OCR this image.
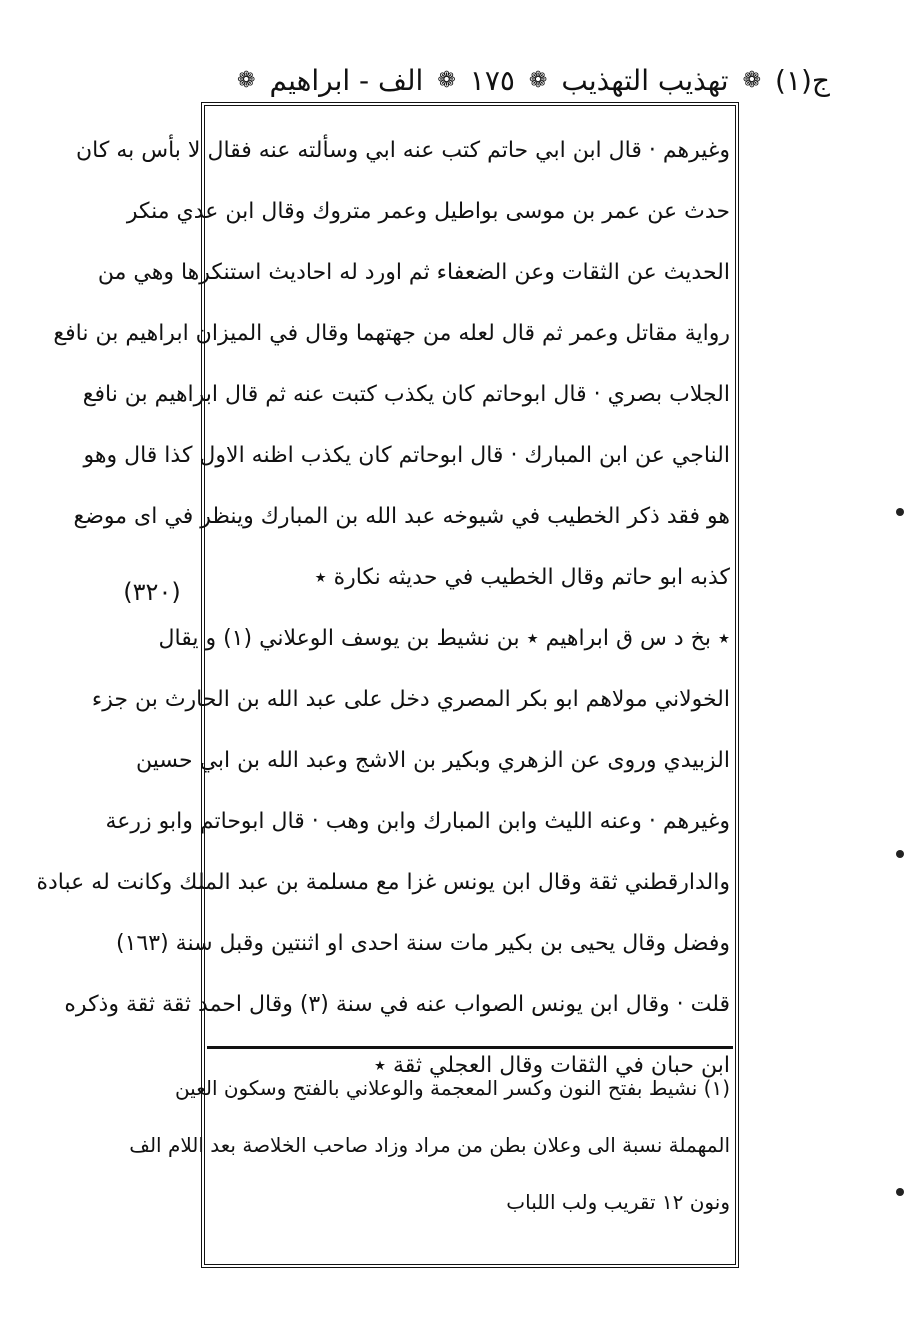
ج(١)
❁
تهذيب التهذيب
❁
١٧٥
❁
الف - ابراهيم
❁
(٣٢٠)
وغيرهم · قال ابن ابي حاتم كتب عنه ابي وسألته عنه فقال لا بأس به كان
حدث عن عمر بن موسى بواطيل وعمر متروك وقال ابن عدي منكر
الحديث عن الثقات وعن الضعفاء ثم اورد له احاديث استنكرها وهي من
رواية مقاتل وعمر ثم قال لعله من جهتهما وقال في الميزان ابراهيم بن نافع
الجلاب بصري · قال ابوحاتم كان يكذب كتبت عنه ثم قال ابراهيم بن نافع
الناجي عن ابن المبارك · قال ابوحاتم كان يكذب اظنه الاول كذا قال وهو
هو فقد ذكر الخطيب في شيوخه عبد الله بن المبارك وينظر في اى موضع
كذبه ابو حاتم وقال الخطيب في حديثه نكارة ٭
٭ بخ د س ق ابراهيم ٭ بن نشيط بن يوسف الوعلاني (١) و يقال
الخولاني مولاهم ابو بكر المصري دخل على عبد الله بن الحارث بن جزء
الزبيدي وروى عن الزهري وبكير بن الاشج وعبد الله بن ابي حسين
وغيرهم · وعنه الليث وابن المبارك وابن وهب · قال ابوحاتم وابو زرعة
والدارقطني ثقة وقال ابن يونس غزا مع مسلمة بن عبد الملك وكانت له عبادة
وفضل وقال يحيى بن بكير مات سنة احدى او اثنتين وقبل سنة (١٦٣)
قلت · وقال ابن يونس الصواب عنه في سنة (٣) وقال احمد ثقة ثقة وذكره
ابن حبان في الثقات وقال العجلي ثقة ٭
(١) نشيط بفتح النون وكسر المعجمة والوعلاني بالفتح وسكون العين
المهملة نسبة الى وعلان بطن من مراد وزاد صاحب الخلاصة بعد اللام الف
ونون ١٢ تقريب ولب اللباب
